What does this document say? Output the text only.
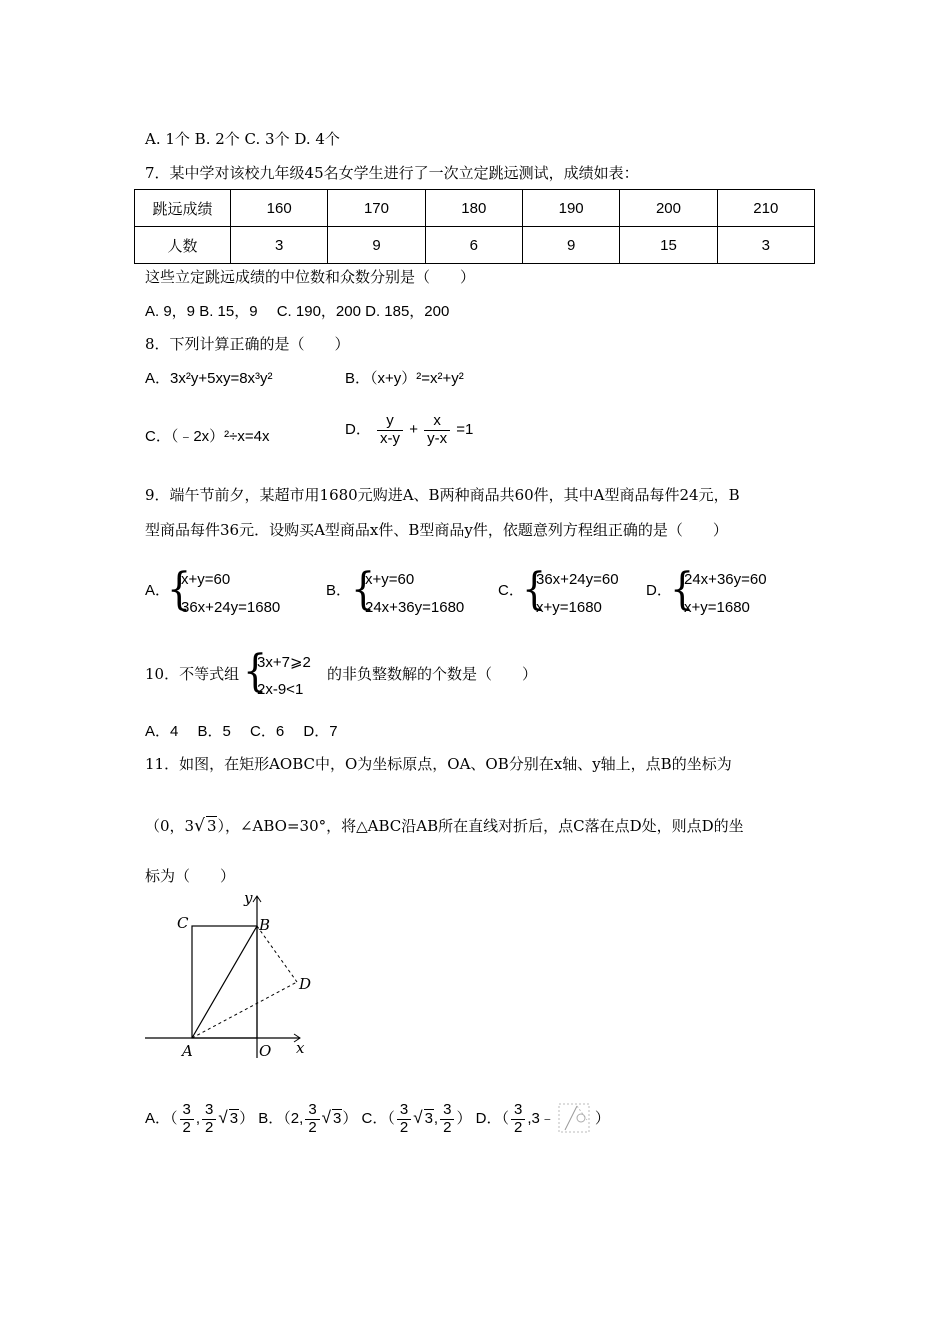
A. 1个 B. 2个 C. 3个 D. 4个
7．某中学对该校九年级45名女学生进行了一次立定跳远测试，成绩如表：
跳远成绩	160	170	180	190	200	210
人数	3	9	6	9	15	3
这些立定跳远成绩的中位数和众数分别是（　　）
A. 9，9 B. 15，9　 C. 190，200 D. 185，200
8．下列计算正确的是（　　）
A．3x²y+5xy=8x³y²	B．（x+y）²=x²+y²
C．（﹣2x）²÷x=4x	D． $\frac{y}{x-y} + \frac{x}{y-x} =1$
9．端午节前夕，某超市用1680元购进A、B两种商品共60件，其中A型商品每件24元，B
型商品每件36元．设购买A型商品x件、B型商品y件，依题意列方程组正确的是（　　）
A．
{
x+y=60
36x+24y=1680
B． {
x+y=60
24x+36y=1680
C．
{
36x+24y=60
x+y=1680
D．
{
24x+36y=60
x+y=1680
10．不等式组 {
3x+7⩾2
2x-9<1
的非负整数解的个数是（　　）
A．4　 B．5　 C．6　 D．7
11．如图，在矩形AOBC中，O为坐标原点，OA、OB分别在x轴、y轴上，点B的坐标为
（0，3√ 3），∠ABO=30°，将△ABC沿AB所在直线对折后，点C落在点D处，则点D的坐
标为（　　）
C	B
D
A	O x
y
A．（ $\frac{3}{2}$ , $\frac{3}{2}$ √ 3） B．（2, $\frac{3}{2}$ √ 3） C．（ $\frac{3}{2}$ √ 3, $\frac{3}{2}$ ） D．（ $\frac{3}{2}$ ,3﹣	）
